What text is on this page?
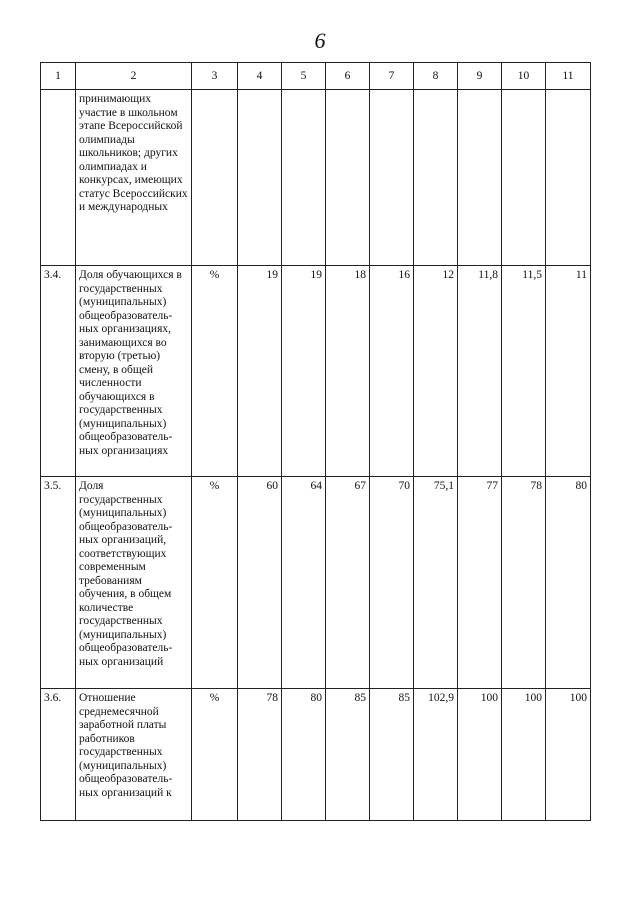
6
1	2	3	4	5	6	7	8	9	10	11
	принимающих участие в школьном этапе Всероссийской олимпиады школьников; других олимпиадах и конкурсах, имеющих статус Всероссийских и международных									
3.4.	Доля обучающихся в государственных (муниципальных) общеобразователь-ных организациях, занимающихся во вторую (третью) смену, в общей численности обучающихся в государственных (муниципальных) общеобразователь-ных организациях	%	19	19	18	16	12	11,8	11,5	11
3.5.	Доля государственных (муниципальных) общеобразователь-ных организаций, соответствующих современным требованиям обучения, в общем количестве государственных (муниципальных) общеобразователь-ных организаций	%	60	64	67	70	75,1	77	78	80
3.6.	Отношение среднемесячной заработной платы работников государственных (муниципальных) общеобразователь-ных организаций к	%	78	80	85	85	102,9	100	100	100
